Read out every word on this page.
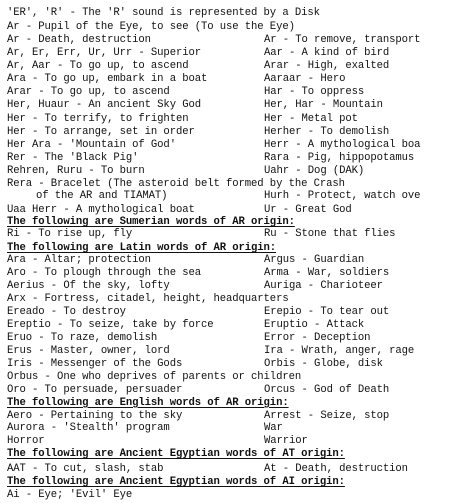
'ER', 'R' - The 'R' sound is represented by a Disk
Ar - Pupil of the Eye, to see (To use the Eye)
Ar - Death, destruction	Ar - To remove, transport
Ar, Er, Err, Ur, Urr - Superior	Aar - A kind of bird
Ar, Aar - To go up, to ascend	Arar - High, exalted
Ara - To go up, embark in a boat	Aaraar - Hero
Arar - To go up, to ascend	Har - To oppress
Her, Huaur - An ancient Sky God	Her, Har - Mountain
Her - To terrify, to frighten	Her - Metal pot
Her - To arrange, set in order	Herher - To demolish
Her Ara - 'Mountain of God'	Herr - A mythological boa
Rer - The 'Black Pig'	Rara - Pig, hippopotamus
Rehren, Ruru - To burn	Uahr - Dog (DAK)
Rera - Bracelet (The asteroid belt formed by the Crash
of the AR and TIAMAT)	Hurh - Protect, watch ove
Uaa Herr - A mythological boat	Ur - Great God
The following are Sumerian words of AR origin:
Ri - To rise up, fly	Ru - Stone that flies
The following are Latin words of AR origin:
Ara - Altar; protection	Argus - Guardian
Aro - To plough through the sea	Arma - War, soldiers
Aerius - Of the sky, lofty	Auriga - Charioteer
Arx - Fortress, citadel, height, headquarters
Ereado - To destroy	Erepio - To tear out
Ereptio - To seize, take by force	Eruptio - Attack
Eruo - To raze, demolish	Error - Deception
Erus - Master, owner, lord	Ira - Wrath, anger, rage
Iris - Messenger of the Gods	Orbis - Globe, disk
Orbus - One who deprives of parents or children
Oro - To persuade, persuader	Orcus - God of Death
The following are English words of AR origin:
Aero - Pertaining to the sky	Arrest - Seize, stop
Aurora - 'Stealth' program	War
Horror	Warrior
The following are Ancient Egyptian words of AT origin:
AAT - To cut, slash, stab	At - Death, destruction
The following are Ancient Egyptian words of AI origin:
Ai - Eye; 'Evil' Eye
